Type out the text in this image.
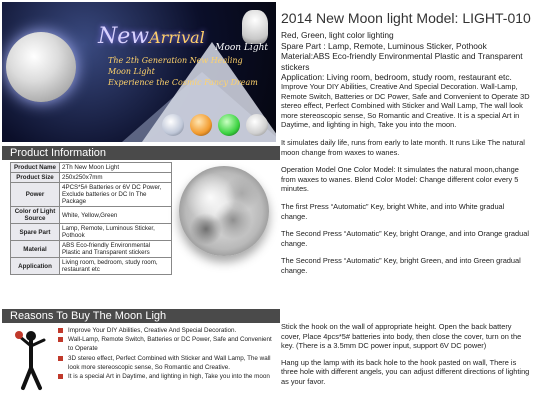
NewArrival
Moon Light
The 2th Generation New Healing
Moon Light
Experience the Cosmic Fancy Dream
2014 New Moon light Model: LIGHT-010
Red, Green, light color lighting
Spare Part : Lamp, Remote, Luminous Sticker, Pothook
Material:ABS Eco-friendly Environmental Plastic and Transparent stickers
Application: Living room, bedroom, study room, restaurant etc.

Improve Your DIY Abilities, Creative And Special Decoration. Wall-Lamp, Remote Switch, Batteries or DC Power, Safe and Convenient to Operate 3D stereo effect, Perfect Combined with Sticker and Wall Lamp, The wall look more stereoscopic sense, So Romantic and Creative. It is a special Art in Daytime, and lighting in high, Take you into the moon.

It simulates daily life, runs from early to late month. It runs Like The natural moon change from waxes to wanes.

Operation Model One Color Model: It simulates the natural moon,change from waxes to wanes. Blend Color Model: Change different color every 5 minutes.

The first Press “Automatic” Key, bright White, and into White gradual change.

The Second Press “Automatic” Key, bright Orange, and into Orange gradual change.

The Second Press “Automatic” Key, bright Green, and into Green gradual change.

Product Information
Product Name	2Th New Moon Light
Product Size	250x250x7mm
Power	4PCS*5# Batteries or 6V DC Power, Exclude batteries or DC In The Package
Color of Light Source	White, Yellow,Green
Spare Part	Lamp, Remote, Luminous Sticker, Pothook
Material	ABS Eco-friendly Environmental Plastic and Transparent stickers
Application	Living room, bedroom, study room, restaurant etc
Reasons To Buy The Moon Ligh
Improve Your DIY Abilities, Creative And Special Decoration.
Wall-Lamp, Remote Switch, Batteries or DC Power, Safe and Convenient to Operate
3D stereo effect, Perfect Combined with Sticker and Wall Lamp, The wall look more stereoscopic sense, So Romantic and Creative.
It is a special Art in Daytime, and lighting in high, Take you into the moon

Stick the hook on the wall of appropriate height. Open the back battery cover, Place 4pcs*5# batteries into body, then close the cover, turn on the key. (There is a 3.5mm DC power input, support 6V DC power)

Hang up the lamp with its back hole to the hook pasted on wall, There is three hole with different angels, you can adjust different directions of lighting as your favor.
